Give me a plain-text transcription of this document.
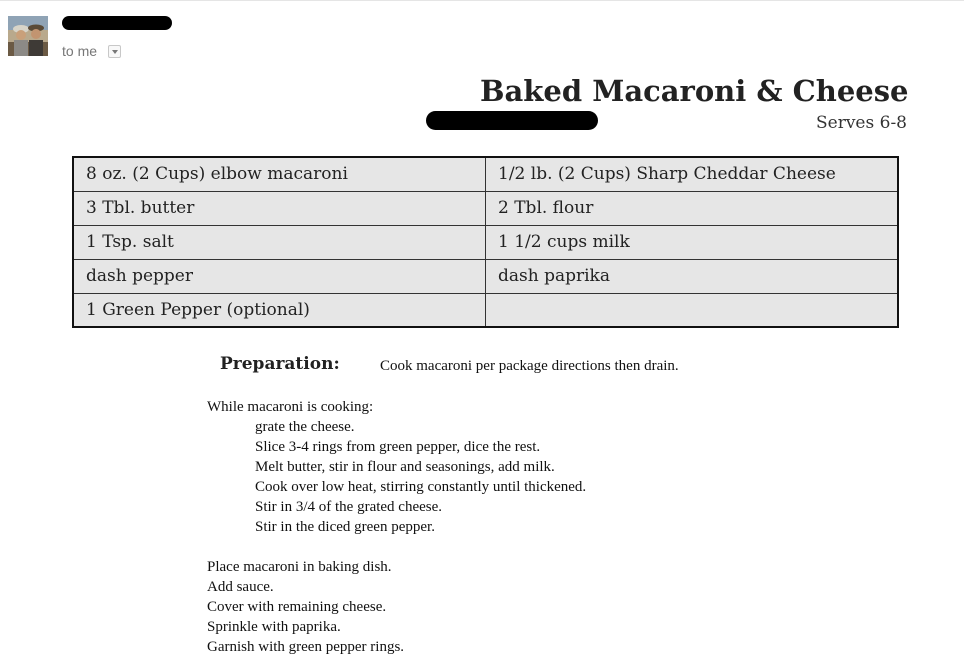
to me
Baked Macaroni & Cheese
Serves 6-8
8 oz. (2 Cups) elbow macaroni	1/2 lb. (2 Cups) Sharp Cheddar Cheese
3 Tbl. butter	2 Tbl. flour
1 Tsp. salt	1 1/2 cups milk
dash pepper	dash paprika
1 Green Pepper (optional)	
Preparation:	Cook macaroni per package directions then drain.
While macaroni is cooking:
grate the cheese.
Slice 3-4 rings from green pepper, dice the rest.
Melt butter, stir in flour and seasonings, add milk.
Cook over low heat, stirring constantly until thickened.
Stir in 3/4 of the grated cheese.
Stir in the diced green pepper.
Place macaroni in baking dish.
Add sauce.
Cover with remaining cheese.
Sprinkle with paprika.
Garnish with green pepper rings.
